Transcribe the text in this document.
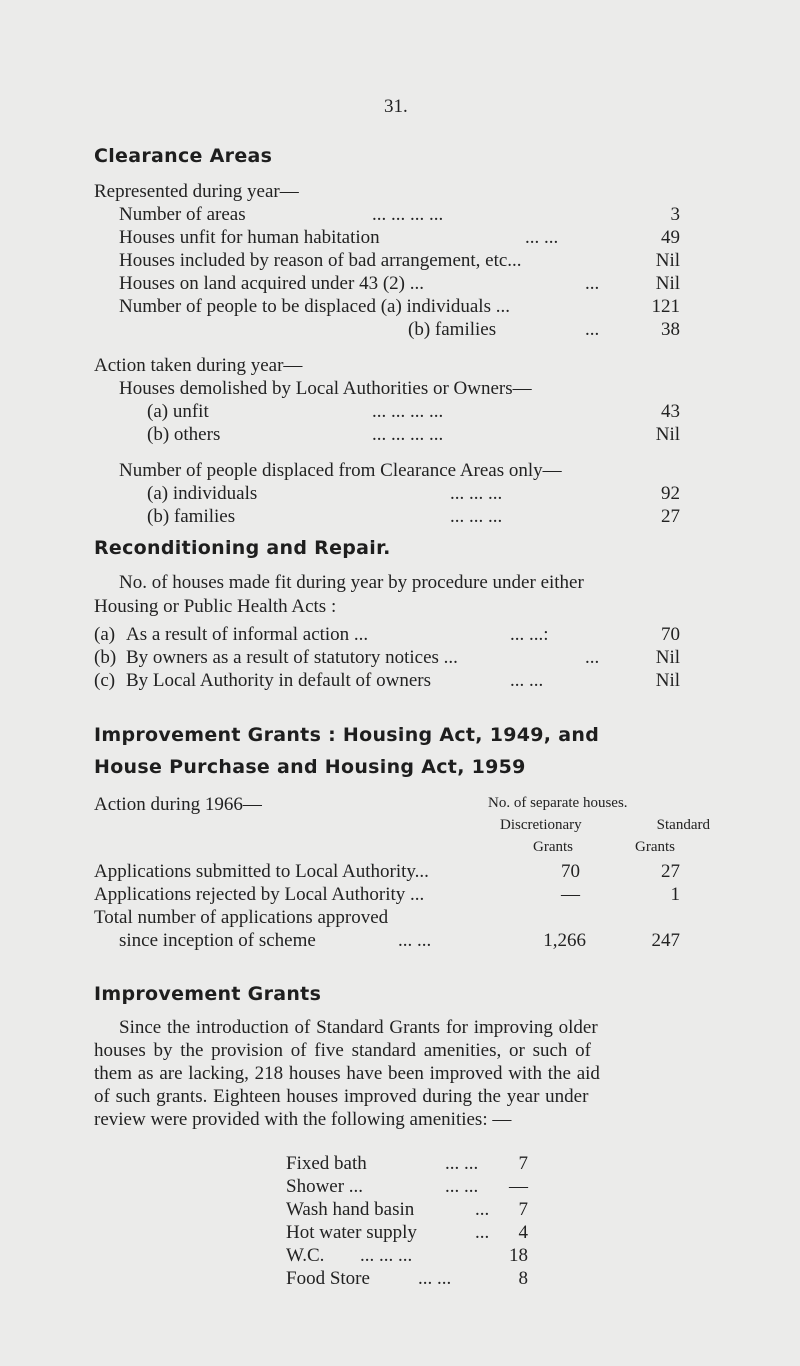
31.
Clearance Areas
Represented during year—
Number of areas	... ... ... ...	3
Houses unfit for human habitation	... ...	49
Houses included by reason of bad arrangement, etc...	Nil
Houses on land acquired under 43 (2) ...	...	Nil
Number of people to be displaced (a) individuals ...	121
(b) families	...	38
Action taken during year—
Houses demolished by Local Authorities or Owners—
(a) unfit	... ... ... ...	43
(b) others	... ... ... ...	Nil
Number of people displaced from Clearance Areas only—
(a) individuals	... ... ...	92
(b) families	... ... ...	27
Reconditioning and Repair.
No. of houses made fit during year by procedure under either
Housing or Public Health Acts :
(a) As a result of informal action ...	... ...:	70
(b) By owners as a result of statutory notices ...	...	Nil
(c) By Local Authority in default of owners	... ...	Nil
Improvement Grants : Housing Act, 1949, and
House Purchase and Housing Act, 1959
Action during 1966—	No. of separate houses.
Discretionary	Standard
Grants	Grants
Applications submitted to Local Authority...	70	27
Applications rejected by Local Authority ...	—	1
Total number of applications approved
since inception of scheme	... ...	1,266	247
Improvement Grants
Since the introduction of Standard Grants for improving older
houses by the provision of five standard amenities, or such of
them as are lacking, 218 houses have been improved with the aid
of such grants. Eighteen houses improved during the year under
review were provided with the following amenities: —
Fixed bath	... ...	7
Shower ...	... ...	—
Wash hand basin	...	7
Hot water supply	...	4
W.C. ... ... ...	18
Food Store	... ...	8
